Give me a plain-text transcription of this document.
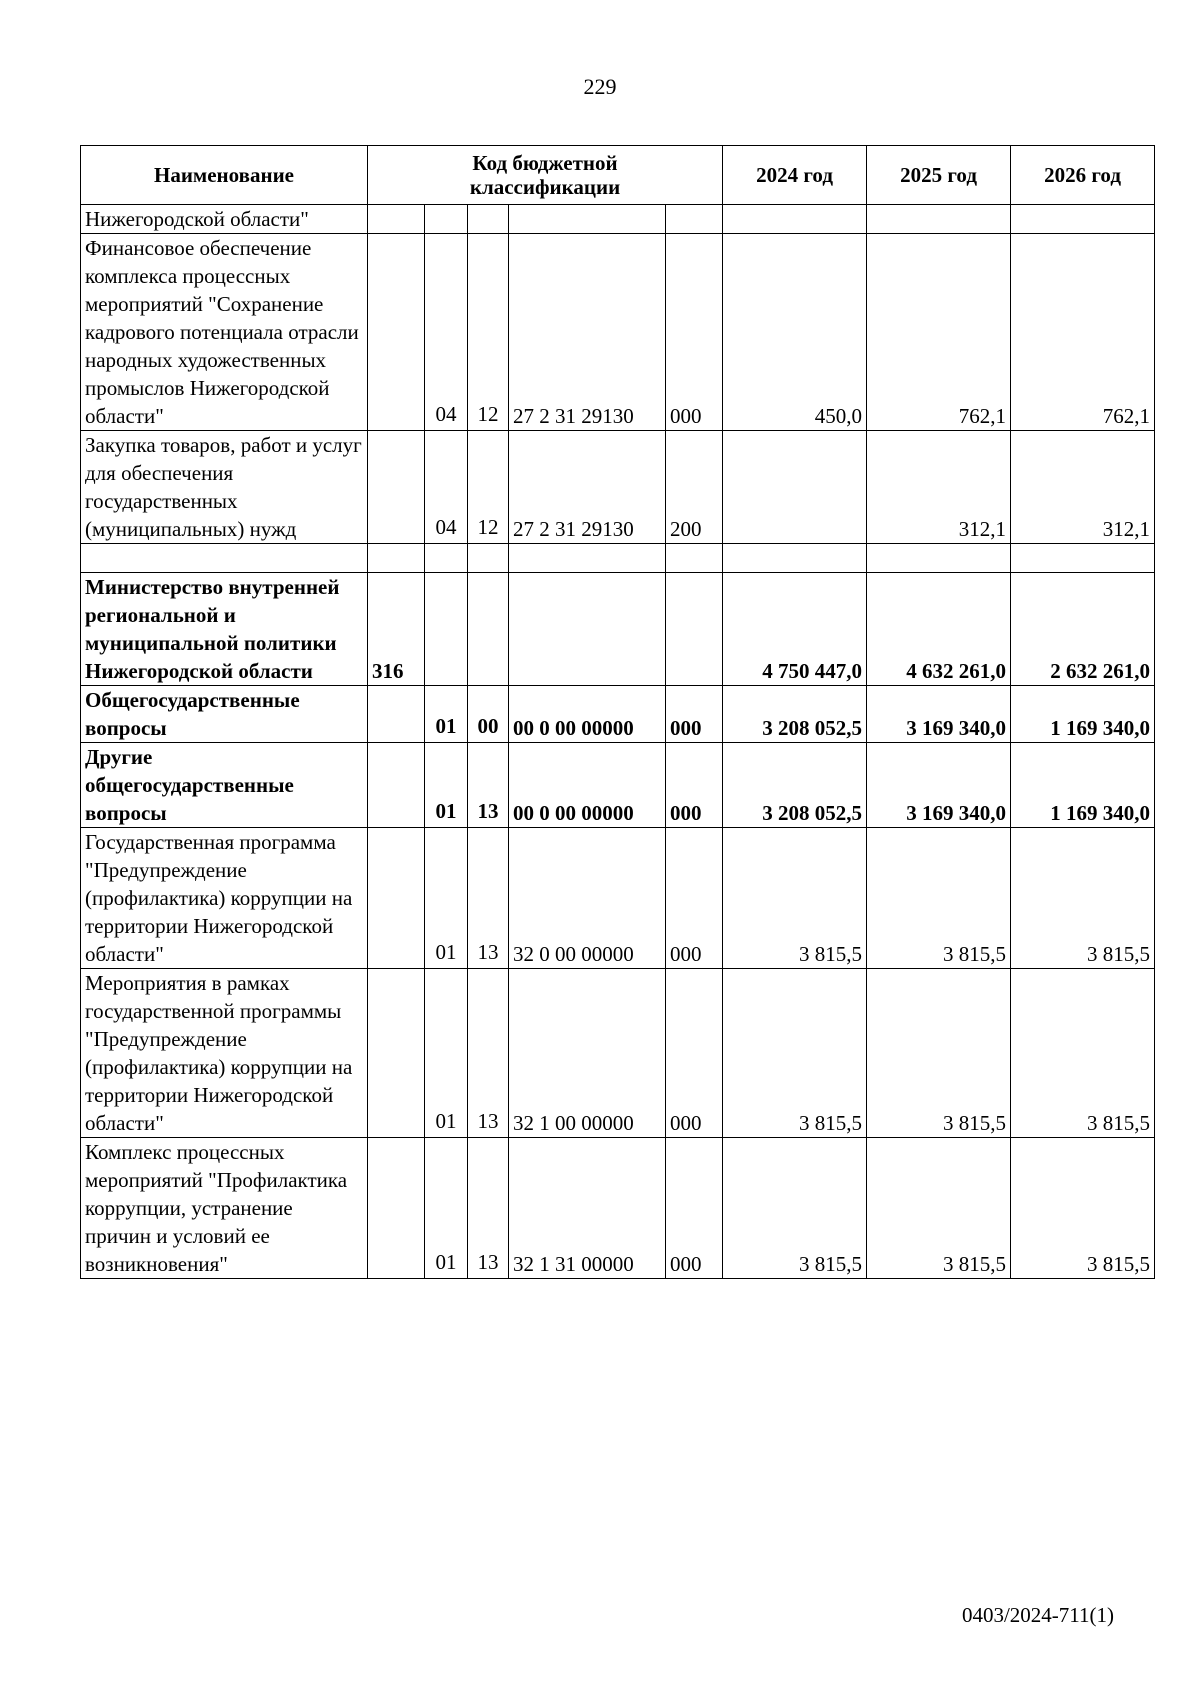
229
Наименование	Код бюджетной
классификации					2024 год	2025 год	2026 год
Нижегородской области"								
Финансовое обеспечение комплекса процессных мероприятий "Сохранение кадрового потенциала отрасли народных художественных промыслов Нижегородской области"		04	12	27 2 31 29130	000	450,0	762,1	762,1
Закупка товаров, работ и услуг для обеспечения государственных (муниципальных) нужд		04	12	27 2 31 29130	200		312,1	312,1

Министерство внутренней региональной и муниципальной политики Нижегородской области	316					4 750 447,0	4 632 261,0	2 632 261,0
Общегосударственные вопросы		01	00	00 0 00 00000	000	3 208 052,5	3 169 340,0	1 169 340,0
Другие общегосударственные вопросы		01	13	00 0 00 00000	000	3 208 052,5	3 169 340,0	1 169 340,0
Государственная программа "Предупреждение (профилактика) коррупции на территории Нижегородской области"		01	13	32 0 00 00000	000	3 815,5	3 815,5	3 815,5
Мероприятия в рамках государственной программы "Предупреждение (профилактика) коррупции на территории Нижегородской области"		01	13	32 1 00 00000	000	3 815,5	3 815,5	3 815,5
Комплекс процессных мероприятий "Профилактика коррупции, устранение причин и условий ее возникновения"		01	13	32 1 31 00000	000	3 815,5	3 815,5	3 815,5
0403/2024-711(1)
